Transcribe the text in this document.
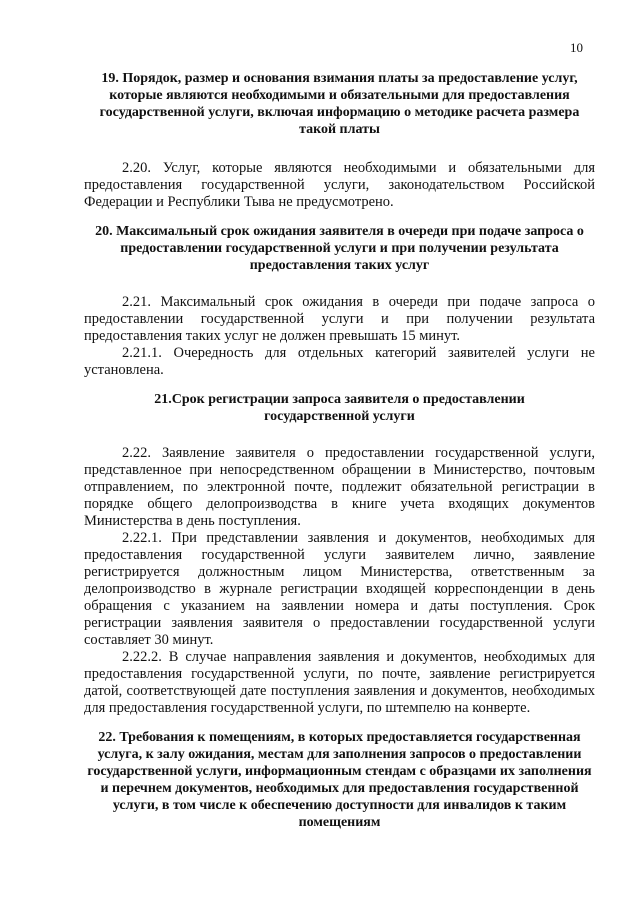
10
19. Порядок, размер и основания взимания платы за предоставление услуг, которые являются необходимыми и обязательными для предоставления государственной услуги, включая информацию о методике расчета размера такой платы

2.20. Услуг, которые являются необходимыми и обязательными для предоставления государственной услуги, законодательством Российской Федерации и Республики Тыва не предусмотрено.

20. Максимальный срок ожидания заявителя в очереди при подаче запроса о предоставлении государственной услуги и при получении результата предоставления таких услуг

2.21. Максимальный срок ожидания в очереди при подаче запроса о предоставлении государственной услуги и при получении результата предоставления таких услуг не должен превышать 15 минут.

2.21.1. Очередность для отдельных категорий заявителей услуги не установлена.

21.Срок регистрации запроса заявителя о предоставлении государственной услуги

2.22. Заявление заявителя о предоставлении государственной услуги, представленное при непосредственном обращении в Министерство, почтовым отправлением, по электронной почте, подлежит обязательной регистрации в порядке общего делопроизводства в книге учета входящих документов Министерства в день поступления.

2.22.1. При представлении заявления и документов, необходимых для предоставления государственной услуги заявителем лично, заявление регистрируется должностным лицом Министерства, ответственным за делопроизводство в журнале регистрации входящей корреспонденции в день обращения с указанием на заявлении номера и даты поступления. Срок регистрации заявления заявителя о предоставлении государственной услуги составляет 30 минут.

2.22.2. В случае направления заявления и документов, необходимых для предоставления государственной услуги, по почте, заявление регистрируется датой, соответствующей дате поступления заявления и документов, необходимых для предоставления государственной услуги, по штемпелю на конверте.

22. Требования к помещениям, в которых предоставляется государственная услуга, к залу ожидания, местам для заполнения запросов о предоставлении государственной услуги, информационным стендам с образцами их заполнения и перечнем документов, необходимых для предоставления государственной услуги, в том числе к обеспечению доступности для инвалидов к таким помещениям
